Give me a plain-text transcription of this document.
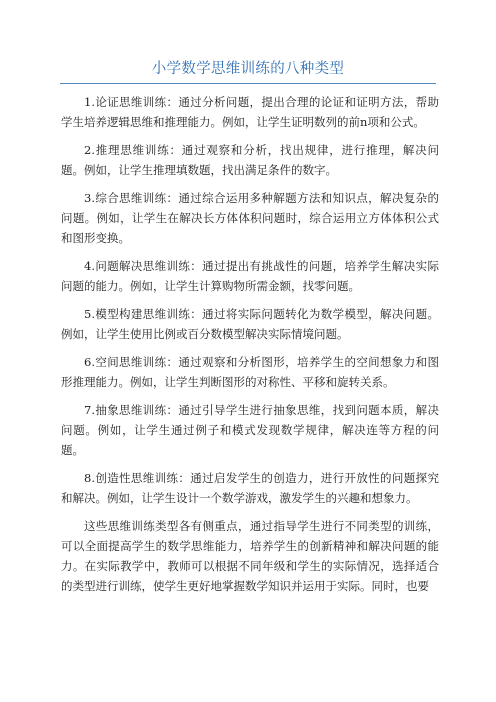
小学数学思维训练的八种类型

1.论证思维训练：通过分析问题，提出合理的论证和证明方法，帮助学生培养逻辑思维和推理能力。例如，让学生证明数列的前n项和公式。

2.推理思维训练：通过观察和分析，找出规律，进行推理，解决问题。例如，让学生推理填数题，找出满足条件的数字。

3.综合思维训练：通过综合运用多种解题方法和知识点，解决复杂的问题。例如，让学生在解决长方体体积问题时，综合运用立方体体积公式和图形变换。

4.问题解决思维训练：通过提出有挑战性的问题，培养学生解决实际问题的能力。例如，让学生计算购物所需金额，找零问题。

5.模型构建思维训练：通过将实际问题转化为数学模型，解决问题。例如，让学生使用比例或百分数模型解决实际情境问题。

6.空间思维训练：通过观察和分析图形，培养学生的空间想象力和图形推理能力。例如，让学生判断图形的对称性、平移和旋转关系。

7.抽象思维训练：通过引导学生进行抽象思维，找到问题本质，解决问题。例如，让学生通过例子和模式发现数学规律，解决连等方程的问题。

8.创造性思维训练：通过启发学生的创造力，进行开放性的问题探究和解决。例如，让学生设计一个数学游戏，激发学生的兴趣和想象力。

这些思维训练类型各有侧重点，通过指导学生进行不同类型的训练，可以全面提高学生的数学思维能力，培养学生的创新精神和解决问题的能力。在实际教学中，教师可以根据不同年级和学生的实际情况，选择适合的类型进行训练，使学生更好地掌握数学知识并运用于实际。同时，也要
